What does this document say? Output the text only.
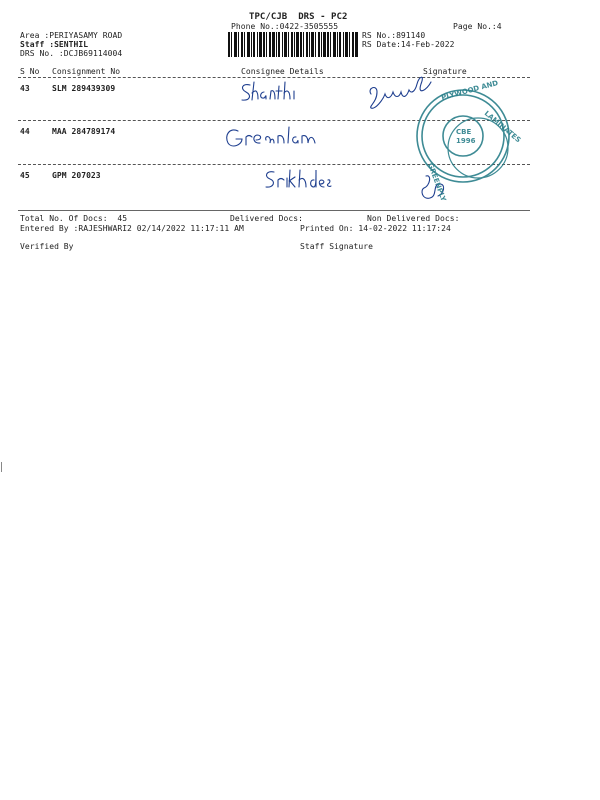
TPC/CJB  DRS - PC2
Phone No.:0422-3505555	Page No.:4
Area :PERIYASAMY ROAD
Staff :SENTHIL
DRS No. :DCJB69114004
RS No.:891140
RS Date:14-Feb-2022
S No Consignment No	Consignee Details	Signature
43	SLM 289439309
44	MAA 284789174
45	GPM 207023
PLYWOOD AND
LAMINATES
CBE
1996
GREENPLY
Total No. Of Docs:  45	Delivered Docs:	Non Delivered Docs:
Entered By :RAJESHWARI2 02/14/2022 11:17:11 AM	Printed On: 14-02-2022 11:17:24
Verified By	Staff Signature
